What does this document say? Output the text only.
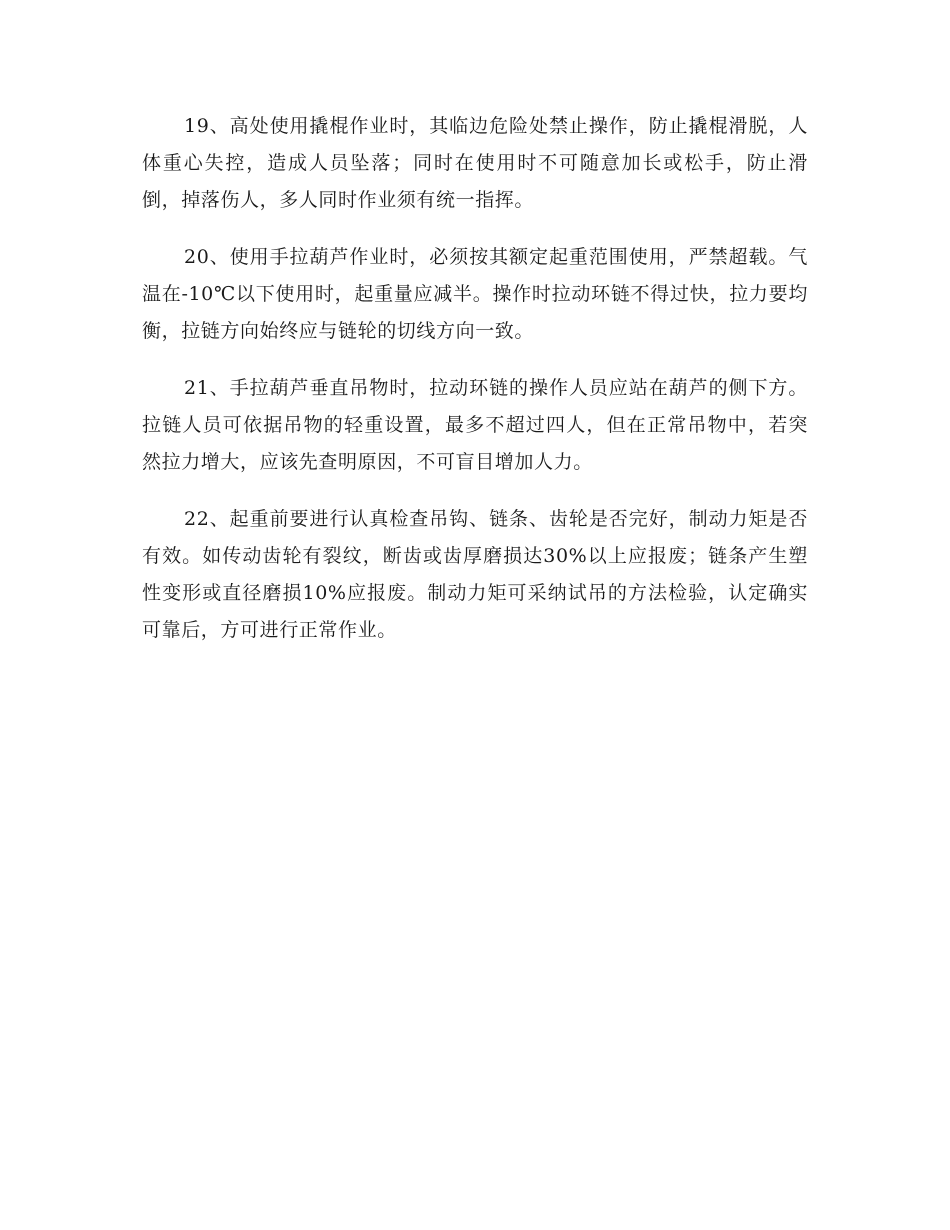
19、高处使用撬棍作业时，其临边危险处禁止操作，防止撬棍滑脱，人体重心失控，造成人员坠落；同时在使用时不可随意加长或松手，防止滑倒，掉落伤人，多人同时作业须有统一指挥。

20、使用手拉葫芦作业时，必须按其额定起重范围使用，严禁超载。气温在-10℃以下使用时，起重量应减半。操作时拉动环链不得过快，拉力要均衡，拉链方向始终应与链轮的切线方向一致。

21、手拉葫芦垂直吊物时，拉动环链的操作人员应站在葫芦的侧下方。拉链人员可依据吊物的轻重设置，最多不超过四人，但在正常吊物中，若突然拉力增大，应该先查明原因，不可盲目增加人力。

22、起重前要进行认真检查吊钩、链条、齿轮是否完好，制动力矩是否有效。如传动齿轮有裂纹，断齿或齿厚磨损达30%以上应报废；链条产生塑性变形或直径磨损10%应报废。制动力矩可采纳试吊的方法检验，认定确实可靠后，方可进行正常作业。
